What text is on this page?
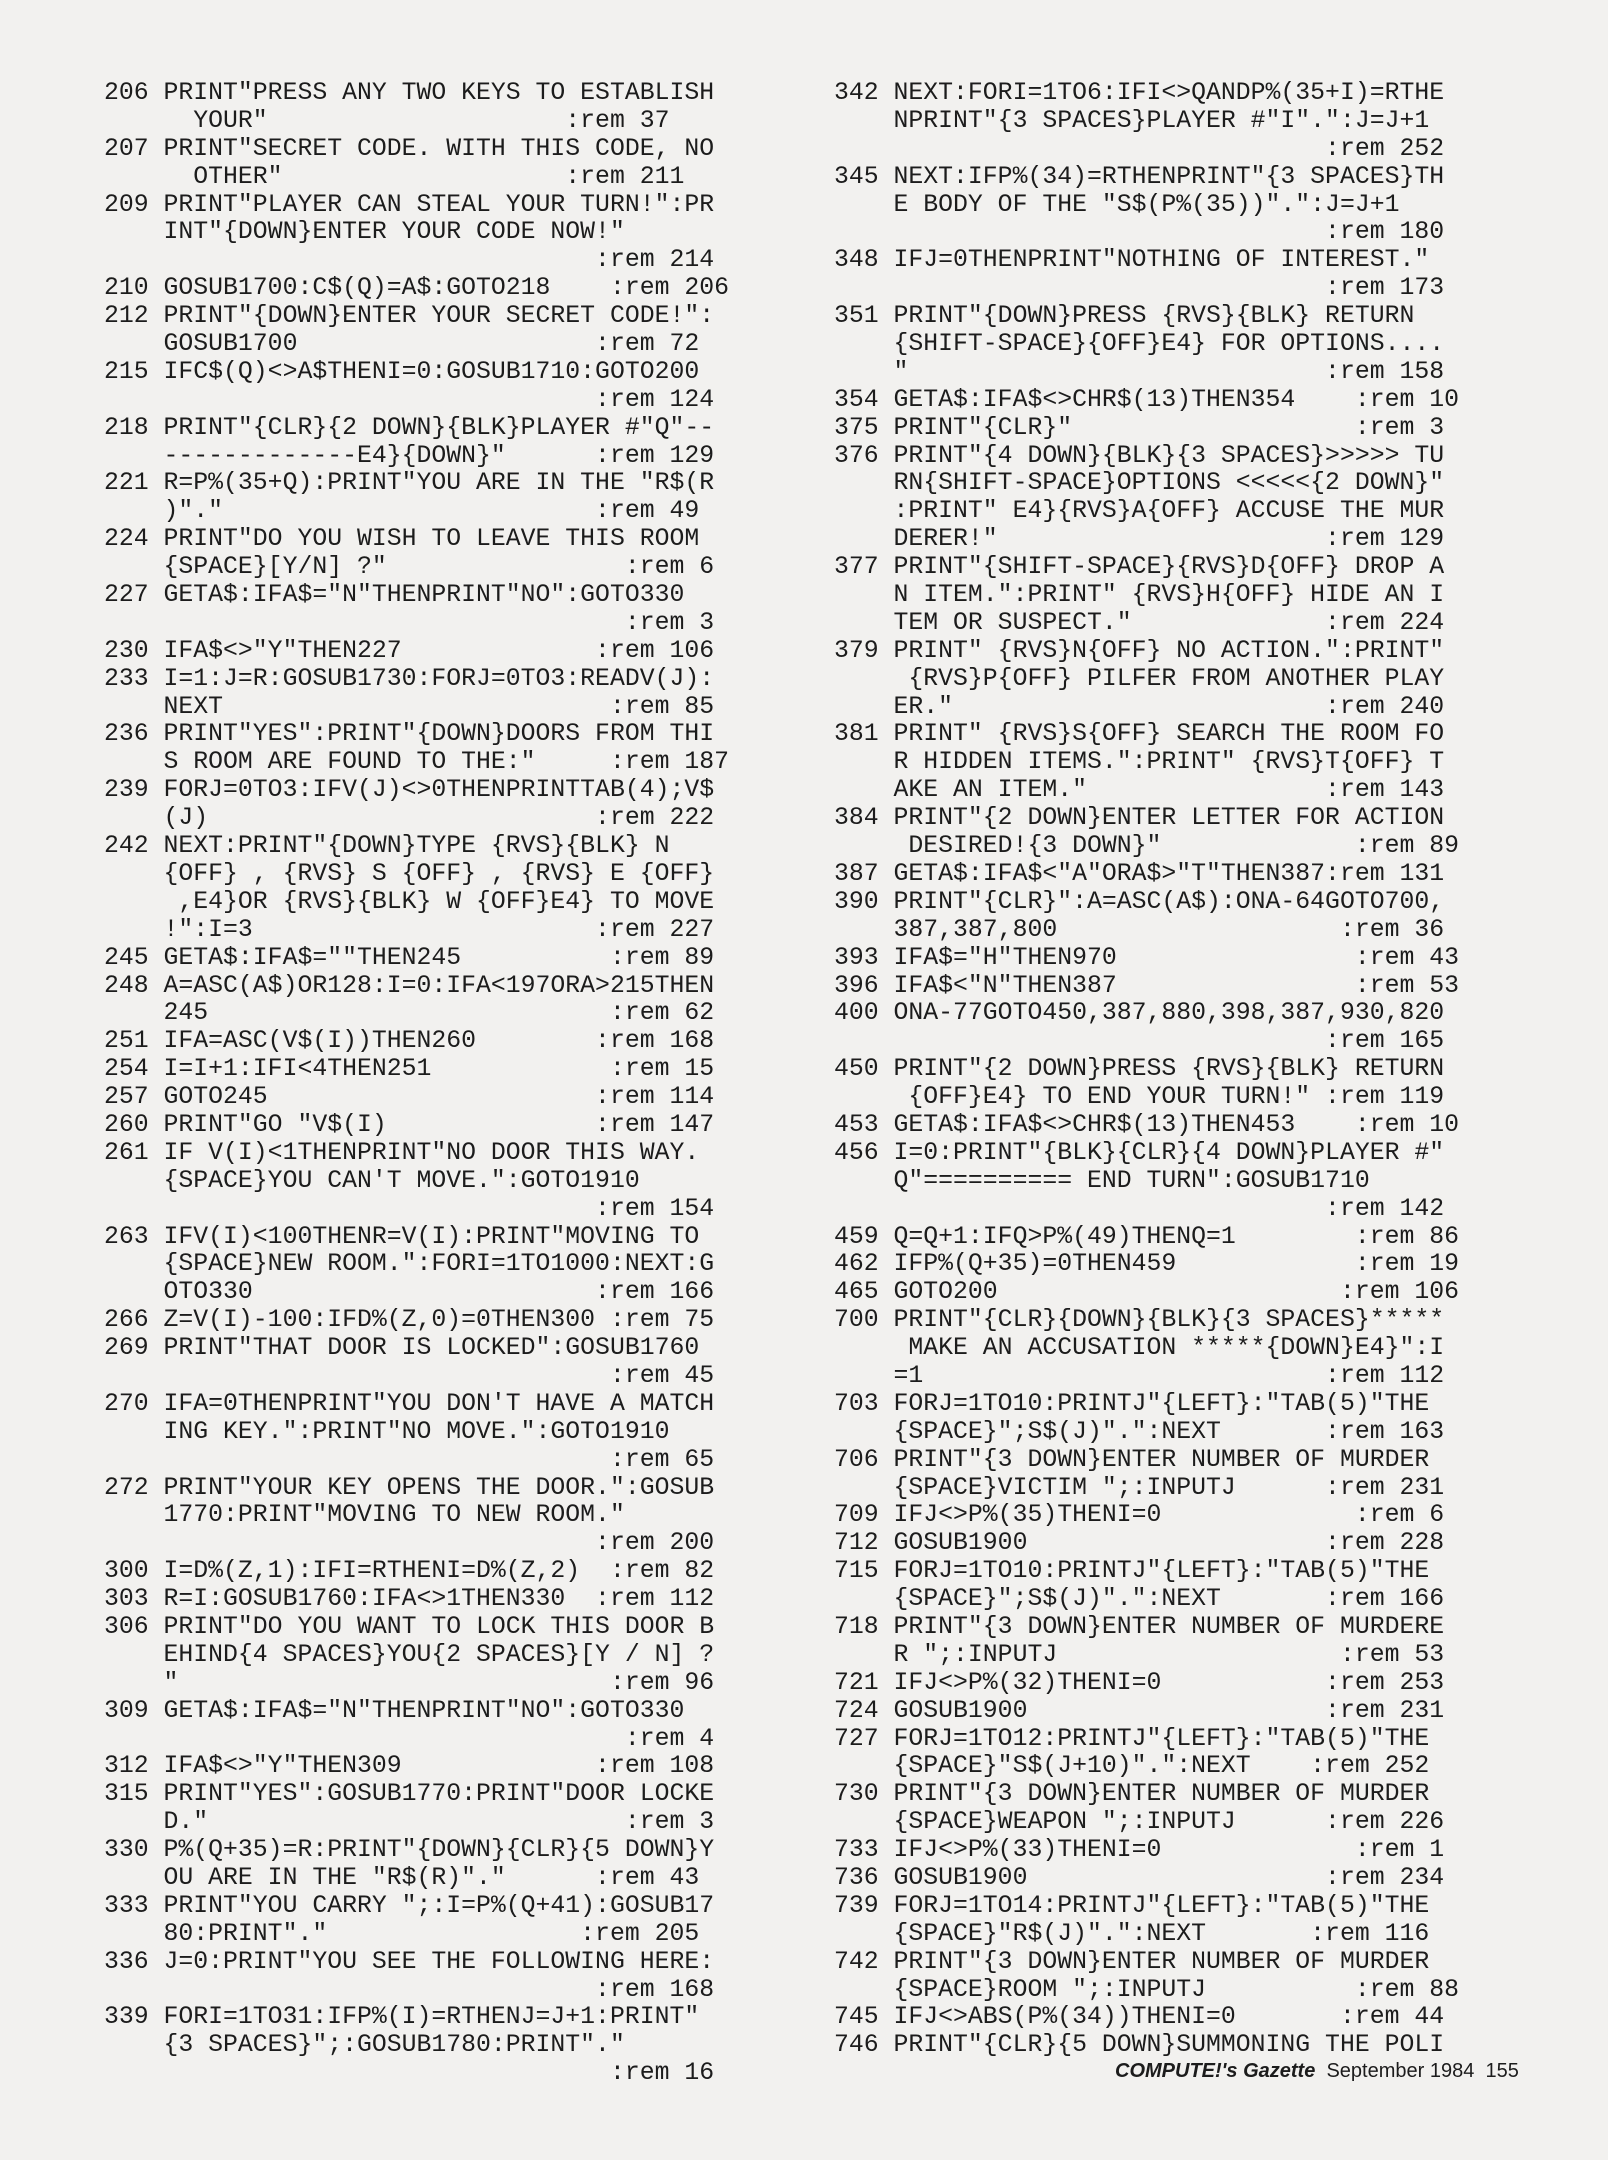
206 PRINT"PRESS ANY TWO KEYS TO ESTABLISH
YOUR"                    :rem 37
207 PRINT"SECRET CODE. WITH THIS CODE, NO
OTHER"                   :rem 211
209 PRINT"PLAYER CAN STEAL YOUR TURN!":PR
INT"{DOWN}ENTER YOUR CODE NOW!"
:rem 214
210 GOSUB1700:C$(Q)=A$:GOTO218    :rem 206
212 PRINT"{DOWN}ENTER YOUR SECRET CODE!":
GOSUB1700                    :rem 72
215 IFC$(Q)<>A$THENI=0:GOSUB1710:GOTO200
:rem 124
218 PRINT"{CLR}{2 DOWN}{BLK}PLAYER #"Q"--
-------------E4}{DOWN}"      :rem 129
221 R=P%(35+Q):PRINT"YOU ARE IN THE "R$(R
)"."                         :rem 49
224 PRINT"DO YOU WISH TO LEAVE THIS ROOM
{SPACE}[Y/N] ?"                :rem 6
227 GETA$:IFA$="N"THENPRINT"NO":GOTO330
:rem 3
230 IFA$<>"Y"THEN227             :rem 106
233 I=1:J=R:GOSUB1730:FORJ=0TO3:READV(J):
NEXT                          :rem 85
236 PRINT"YES":PRINT"{DOWN}DOORS FROM THI
S ROOM ARE FOUND TO THE:"     :rem 187
239 FORJ=0TO3:IFV(J)<>0THENPRINTTAB(4);V$
(J)                          :rem 222
242 NEXT:PRINT"{DOWN}TYPE {RVS}{BLK} N
{OFF} , {RVS} S {OFF} , {RVS} E {OFF}
,E4}OR {RVS}{BLK} W {OFF}E4} TO MOVE
!":I=3                       :rem 227
245 GETA$:IFA$=""THEN245          :rem 89
248 A=ASC(A$)OR128:I=0:IFA<197ORA>215THEN
245                           :rem 62
251 IFA=ASC(V$(I))THEN260        :rem 168
254 I=I+1:IFI<4THEN251            :rem 15
257 GOTO245                      :rem 114
260 PRINT"GO "V$(I)              :rem 147
261 IF V(I)<1THENPRINT"NO DOOR THIS WAY.
{SPACE}YOU CAN'T MOVE.":GOTO1910
:rem 154
263 IFV(I)<100THENR=V(I):PRINT"MOVING TO
{SPACE}NEW ROOM.":FORI=1TO1000:NEXT:G
OTO330                       :rem 166
266 Z=V(I)-100:IFD%(Z,0)=0THEN300 :rem 75
269 PRINT"THAT DOOR IS LOCKED":GOSUB1760
:rem 45
270 IFA=0THENPRINT"YOU DON'T HAVE A MATCH
ING KEY.":PRINT"NO MOVE.":GOTO1910
:rem 65
272 PRINT"YOUR KEY OPENS THE DOOR.":GOSUB
1770:PRINT"MOVING TO NEW ROOM."
:rem 200
300 I=D%(Z,1):IFI=RTHENI=D%(Z,2)  :rem 82
303 R=I:GOSUB1760:IFA<>1THEN330  :rem 112
306 PRINT"DO YOU WANT TO LOCK THIS DOOR B
EHIND{4 SPACES}YOU{2 SPACES}[Y / N] ?
"                             :rem 96
309 GETA$:IFA$="N"THENPRINT"NO":GOTO330
:rem 4
312 IFA$<>"Y"THEN309             :rem 108
315 PRINT"YES":GOSUB1770:PRINT"DOOR LOCKE
D."                            :rem 3
330 P%(Q+35)=R:PRINT"{DOWN}{CLR}{5 DOWN}Y
OU ARE IN THE "R$(R)"."      :rem 43
333 PRINT"YOU CARRY ";:I=P%(Q+41):GOSUB17
80:PRINT"."                 :rem 205
336 J=0:PRINT"YOU SEE THE FOLLOWING HERE:
:rem 168
339 FORI=1TO31:IFP%(I)=RTHENJ=J+1:PRINT"
{3 SPACES}";:GOSUB1780:PRINT"."
:rem 16
342 NEXT:FORI=1TO6:IFI<>QANDP%(35+I)=RTHE
NPRINT"{3 SPACES}PLAYER #"I".":J=J+1
:rem 252
345 NEXT:IFP%(34)=RTHENPRINT"{3 SPACES}TH
E BODY OF THE "S$(P%(35))".":J=J+1
:rem 180
348 IFJ=0THENPRINT"NOTHING OF INTEREST."
:rem 173
351 PRINT"{DOWN}PRESS {RVS}{BLK} RETURN
{SHIFT-SPACE}{OFF}E4} FOR OPTIONS....
"                            :rem 158
354 GETA$:IFA$<>CHR$(13)THEN354    :rem 10
375 PRINT"{CLR}"                   :rem 3
376 PRINT"{4 DOWN}{BLK}{3 SPACES}>>>>> TU
RN{SHIFT-SPACE}OPTIONS <<<<<{2 DOWN}"
:PRINT" E4}{RVS}A{OFF} ACCUSE THE MUR
DERER!"                      :rem 129
377 PRINT"{SHIFT-SPACE}{RVS}D{OFF} DROP A
N ITEM.":PRINT" {RVS}H{OFF} HIDE AN I
TEM OR SUSPECT."             :rem 224
379 PRINT" {RVS}N{OFF} NO ACTION.":PRINT"
{RVS}P{OFF} PILFER FROM ANOTHER PLAY
ER."                         :rem 240
381 PRINT" {RVS}S{OFF} SEARCH THE ROOM FO
R HIDDEN ITEMS.":PRINT" {RVS}T{OFF} T
AKE AN ITEM."                :rem 143
384 PRINT"{2 DOWN}ENTER LETTER FOR ACTION
DESIRED!{3 DOWN}"             :rem 89
387 GETA$:IFA$<"A"ORA$>"T"THEN387:rem 131
390 PRINT"{CLR}":A=ASC(A$):ONA-64GOTO700,
387,387,800                   :rem 36
393 IFA$="H"THEN970                :rem 43
396 IFA$<"N"THEN387                :rem 53
400 ONA-77GOTO450,387,880,398,387,930,820
:rem 165
450 PRINT"{2 DOWN}PRESS {RVS}{BLK} RETURN
{OFF}E4} TO END YOUR TURN!" :rem 119
453 GETA$:IFA$<>CHR$(13)THEN453    :rem 10
456 I=0:PRINT"{BLK}{CLR}{4 DOWN}PLAYER #"
Q"========== END TURN":GOSUB1710
:rem 142
459 Q=Q+1:IFQ>P%(49)THENQ=1        :rem 86
462 IFP%(Q+35)=0THEN459            :rem 19
465 GOTO200                       :rem 106
700 PRINT"{CLR}{DOWN}{BLK}{3 SPACES}*****
MAKE AN ACCUSATION *****{DOWN}E4}":I
=1                           :rem 112
703 FORJ=1TO10:PRINTJ"{LEFT}:"TAB(5)"THE
{SPACE}";S$(J)".":NEXT       :rem 163
706 PRINT"{3 DOWN}ENTER NUMBER OF MURDER
{SPACE}VICTIM ";:INPUTJ      :rem 231
709 IFJ<>P%(35)THENI=0             :rem 6
712 GOSUB1900                    :rem 228
715 FORJ=1TO10:PRINTJ"{LEFT}:"TAB(5)"THE
{SPACE}";S$(J)".":NEXT       :rem 166
718 PRINT"{3 DOWN}ENTER NUMBER OF MURDERE
R ";:INPUTJ                   :rem 53
721 IFJ<>P%(32)THENI=0           :rem 253
724 GOSUB1900                    :rem 231
727 FORJ=1TO12:PRINTJ"{LEFT}:"TAB(5)"THE
{SPACE}"S$(J+10)".":NEXT    :rem 252
730 PRINT"{3 DOWN}ENTER NUMBER OF MURDER
{SPACE}WEAPON ";:INPUTJ      :rem 226
733 IFJ<>P%(33)THENI=0             :rem 1
736 GOSUB1900                    :rem 234
739 FORJ=1TO14:PRINTJ"{LEFT}:"TAB(5)"THE
{SPACE}"R$(J)".":NEXT       :rem 116
742 PRINT"{3 DOWN}ENTER NUMBER OF MURDER
{SPACE}ROOM ";:INPUTJ          :rem 88
745 IFJ<>ABS(P%(34))THENI=0       :rem 44
746 PRINT"{CLR}{5 DOWN}SUMMONING THE POLI
COMPUTE!'s Gazette September 1984 155
